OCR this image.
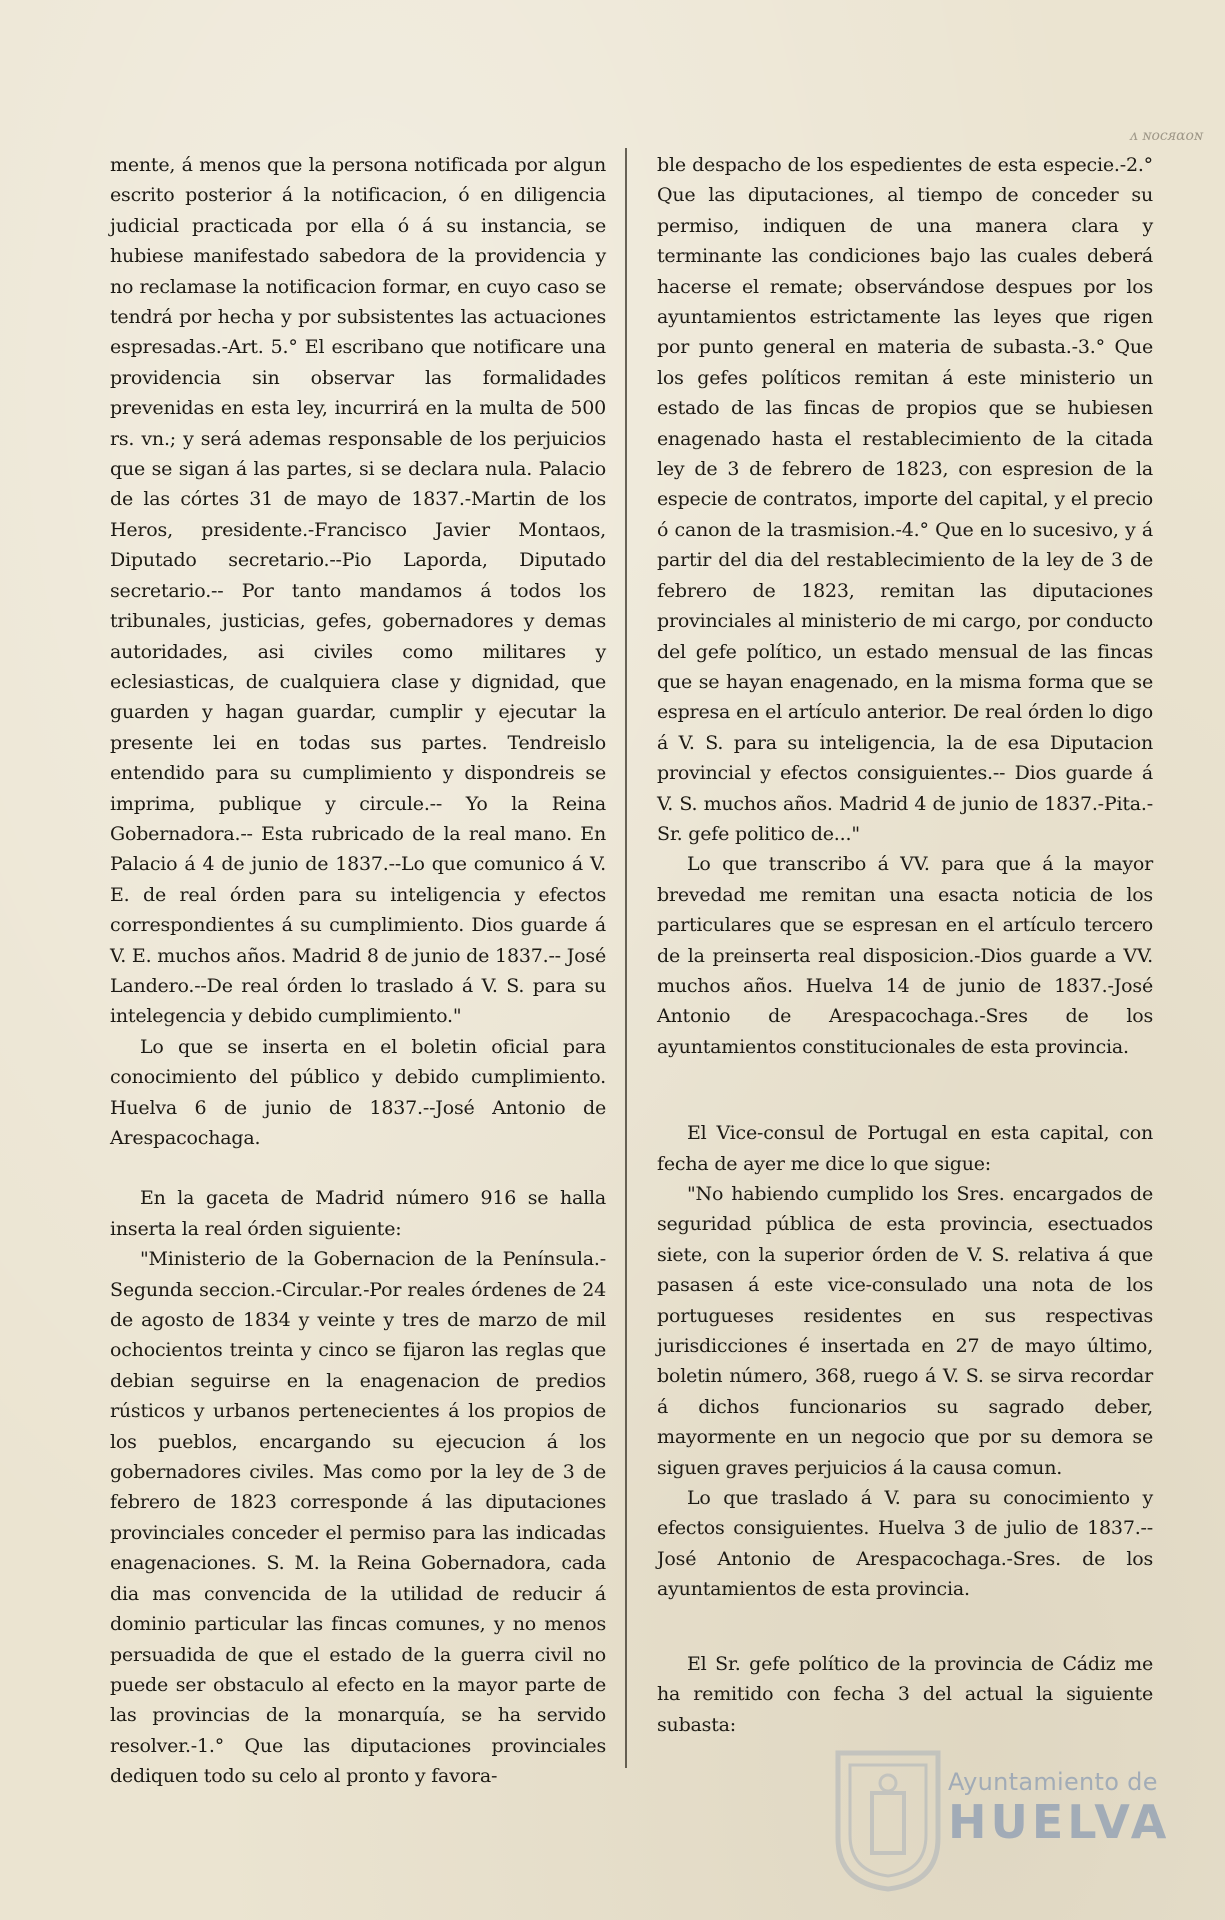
ᴧ ɴᴏⅽᴙɑᴏɴ

mente, á menos que la persona notificada por algun escrito posterior á la notificacion, ó en diligencia judicial practicada por ella ó á su instancia, se hubiese manifestado sabedora de la providencia y no reclamase la notificacion formar, en cuyo caso se tendrá por hecha y por subsistentes las actuaciones espresadas.-Art. 5.° El escribano que notificare una providencia sin observar las formalidades prevenidas en esta ley, incurrirá en la multa de 500 rs. vn.; y será ademas responsable de los perjuicios que se sigan á las partes, si se declara nula. Palacio de las córtes 31 de mayo de 1837.-Martin de los Heros, presidente.-Francisco Javier Montaos, Diputado secretario.--Pio Laporda, Diputado secretario.-- Por tanto mandamos á todos los tribunales, justicias, gefes, gobernadores y demas autoridades, asi civiles como militares y eclesiasticas, de cualquiera clase y dignidad, que guarden y hagan guardar, cumplir y ejecutar la presente lei en todas sus partes. Tendreislo entendido para su cumplimiento y dispondreis se imprima, publique y circule.-- Yo la Reina Gobernadora.-- Esta rubricado de la real mano. En Palacio á 4 de junio de 1837.--Lo que comunico á V. E. de real órden para su inteligencia y efectos correspondientes á su cumplimiento. Dios guarde á V. E. muchos años. Madrid 8 de junio de 1837.-- José Landero.--De real órden lo traslado á V. S. para su intelegencia y debido cumplimiento."

Lo que se inserta en el boletin oficial para conocimiento del público y debido cumplimiento. Huelva 6 de junio de 1837.--José Antonio de Arespacochaga.

En la gaceta de Madrid número 916 se halla inserta la real órden siguiente:

"Ministerio de la Gobernacion de la Península.-Segunda seccion.-Circular.-Por reales órdenes de 24 de agosto de 1834 y veinte y tres de marzo de mil ochocientos treinta y cinco se fijaron las reglas que debian seguirse en la enagenacion de predios rústicos y urbanos pertenecientes á los propios de los pueblos, encargando su ejecucion á los gobernadores civiles. Mas como por la ley de 3 de febrero de 1823 corresponde á las diputaciones provinciales conceder el permiso para las indicadas enagenaciones. S. M. la Reina Gobernadora, cada dia mas convencida de la utilidad de reducir á dominio particular las fincas comunes, y no menos persuadida de que el estado de la guerra civil no puede ser obstaculo al efecto en la mayor parte de las provincias de la monarquía, se ha servido resolver.-1.° Que las diputaciones provinciales dediquen todo su celo al pronto y favora-

ble despacho de los espedientes de esta especie.-2.° Que las diputaciones, al tiempo de conceder su permiso, indiquen de una manera clara y terminante las condiciones bajo las cuales deberá hacerse el remate; observándose despues por los ayuntamientos estrictamente las leyes que rigen por punto general en materia de subasta.-3.° Que los gefes políticos remitan á este ministerio un estado de las fincas de propios que se hubiesen enagenado hasta el restablecimiento de la citada ley de 3 de febrero de 1823, con espresion de la especie de contratos, importe del capital, y el precio ó canon de la trasmision.-4.° Que en lo sucesivo, y á partir del dia del restablecimiento de la ley de 3 de febrero de 1823, remitan las diputaciones provinciales al ministerio de mi cargo, por conducto del gefe político, un estado mensual de las fincas que se hayan enagenado, en la misma forma que se espresa en el artículo anterior. De real órden lo digo á V. S. para su inteligencia, la de esa Diputacion provincial y efectos consiguientes.-- Dios guarde á V. S. muchos años. Madrid 4 de junio de 1837.-Pita.-Sr. gefe politico de..."

Lo que transcribo á VV. para que á la mayor brevedad me remitan una esacta noticia de los particulares que se espresan en el artículo tercero de la preinserta real disposicion.-Dios guarde a VV. muchos años. Huelva 14 de junio de 1837.-José Antonio de Arespacochaga.-Sres de los ayuntamientos constitucionales de esta provincia.

El Vice-consul de Portugal en esta capital, con fecha de ayer me dice lo que sigue:

"No habiendo cumplido los Sres. encargados de seguridad pública de esta provincia, esectuados siete, con la superior órden de V. S. relativa á que pasasen á este vice-consulado una nota de los portugueses residentes en sus respectivas jurisdicciones é insertada en 27 de mayo último, boletin número, 368, ruego á V. S. se sirva recordar á dichos funcionarios su sagrado deber, mayormente en un negocio que por su demora se siguen graves perjuicios á la causa comun.

Lo que traslado á V. para su conocimiento y efectos consiguientes. Huelva 3 de julio de 1837.-- José Antonio de Arespacochaga.-Sres. de los ayuntamientos de esta provincia.

El Sr. gefe político de la provincia de Cádiz me ha remitido con fecha 3 del actual la siguiente subasta:

Ayuntamiento de
HUELVA
